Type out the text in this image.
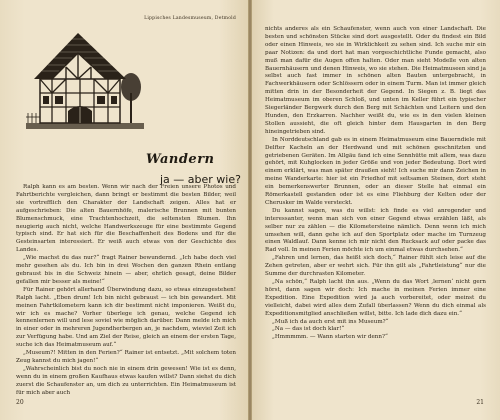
Lippisches Landesmuseum, Detmold
Wandern
ja — aber wie?

Ralph kann es am besten. Wenn wir nach der Freien unsere Photos und Fahrtberichte vergleichen, dann bringt er bestimmt die besten Bilder, weil sie vortrefflich den Charakter der Landschaft zeigen. Alles hat er aufgeschrieben: Die alten Bauernhöfe, malerische Brunnen mit bunten Blumenschmuck, eine Trachtenhochzeit, die seltensten Blumen. Ihn neugierig auch nicht, welche Handwerkszeuge für eine bestimmte Gegend typisch sind. Er hat sich für die Beschaffenheit des Bodens und für die Gesteinsarten interessiert. Er weiß auch etwas von der Geschichte des Landes.

„Wie machst du das nur?“ fragt Rainer bewundernd. „Ich habe doch viel mehr gesehen als du. Ich bin in drei Wochen den ganzen Rhein entlang gebraust bis in die Schweiz hinein — aber, ehrlich gesagt, deine Bilder gefallen mir besser als meine!“

Für Rainer gehört allerhand Überwindung dazu, so etwas einzugestehen! Ralph lacht. „Eben drum! Ich bin nicht gebraust — ich bin gewandert. Mit meinen Fahrtkilometern kann ich dir bestimmt nicht imponieren. Weißt du, wir ich es mache? Vorher überlege ich genau, welche Gegend ich kennenlernen will und lese soviel wie möglich darüber. Dann melde ich mich in einer oder in mehreren Jugendherbergen an, je nachdem, wieviel Zeit ich zur Verfügung habe. Und am Ziel der Reise, gleich an einem der ersten Tage, suche ich das Heimatmuseum auf.“

„Museum?! Mitten in den Ferien?“ Rainer ist entsetzt. „Mit solchem toten Zeug kannst du mich jagen!“

„Wahrscheinlich bist du noch nie in einem drin gewesen! Wie ist es denn, wenn du in einem großen Kaufhaus etwas kaufen willst? Dann siehst du dich zuerst die Schaufenster an, um dich zu unterrichten. Ein Heimatmuseum ist für mich aber auch

20

nichts anderes als ein Schaufenster, wenn auch von einer Landschaft. Die besten und schönsten Stücke sind dort ausgestellt. Oder du findest ein Bild oder einen Hinweis, wo sie in Wirklichkeit zu sehen sind. Ich suche mir ein paar Notizen: da und dort hat man vorgeschichtliche Funde gemacht, also muß man dafür die Augen offen halten. Oder man sieht Modelle von alten Bauernhäusern und denen Hinweis, wo sie stehen. Die Heimatmuseen sind ja selbst auch fast immer in schönen alten Bauten untergebracht, in Fachwerkhäusern oder Schlössern oder in einem Turm. Man ist immer gleich mitten drin in der Besonderheit der Gegend. In Siegen z. B. liegt das Heimatmuseum im oberen Schloß, und unten im Keller führt ein typischer Siegerländer Bergwerk durch den Berg mit Schächten und Leitern und den Hunden, den Erzkarren. Nachher weißt du, wie es in den vielen kleinen Stollen aussieht, die oft gleich hinter dem Hausgarten in den Berg hineingetrieben sind.

In Norddeutschland gab es in einem Heimatmuseum eine Bauerndiele mit Delfter Kacheln an der Herdwand und mit schönen geschnitzten und getriebenen Geräten. Im Allgäu fand ich eine Sennhütte mit allem, was dazu gehört, mit Kuhglocken in jeder Größe und von jeder Bedeutung. Dort wird einem erklärt, was man später draußen sieht! Ich suche mir dann Zeichen in meine Wanderkarte: hier ist ein Friedhof mit seltsamen Steinen, dort steht ein bemerkenswerter Brunnen, oder an dieser Stelle hat einmal ein Römerkastell gestanden oder ist es eine Fliehburg der Kelten oder der Cherusker im Walde versteckt.

Du kannst sagen, was du willst: ich finde es viel anregender und interessanter, wenn man sich von einer Gegend etwas erzählen läßt, als selber nur zu zählen — die Kilometersteine nämlich. Denn wenn ich mich umsehen will, dann gehe ich auf den Sportplatz oder mache im Turnzeug einen Waldlauf. Dann kenne ich mir nicht den Rucksack auf oder packe das Rad voll. In meinen Ferien möchte ich um einmal etwas durchsehen.“

„Fahren und lernen, das heißt sich doch,“ Rainer fühlt sich leise auf die Zehen getreten, aber er wehrt sich. Für ihn gilt als „Fahrtleistung“ nur die Summe der durchrasten Kilometer.

„Na schön,“ Ralph lacht ihn aus. „Wenn du das Wort ‚lernen‘ nicht gern hörst, dann sagen wir doch: Ich mache in meinen Ferien immer eine Expedition. Eine Expedition wird ja auch vorbereitet, oder meinst du vielleicht, dabei wird alles dem Zufall überlassen? Wenn du dich einmal als Expeditionsmitglied anschließen willst, bitte. Ich lade dich dazu ein.“

„Muß ich da auch erst mit ins Museum?“

„Na — das ist doch klar!“

„Hmmmmm. — Wann starten wir denn?“

21
